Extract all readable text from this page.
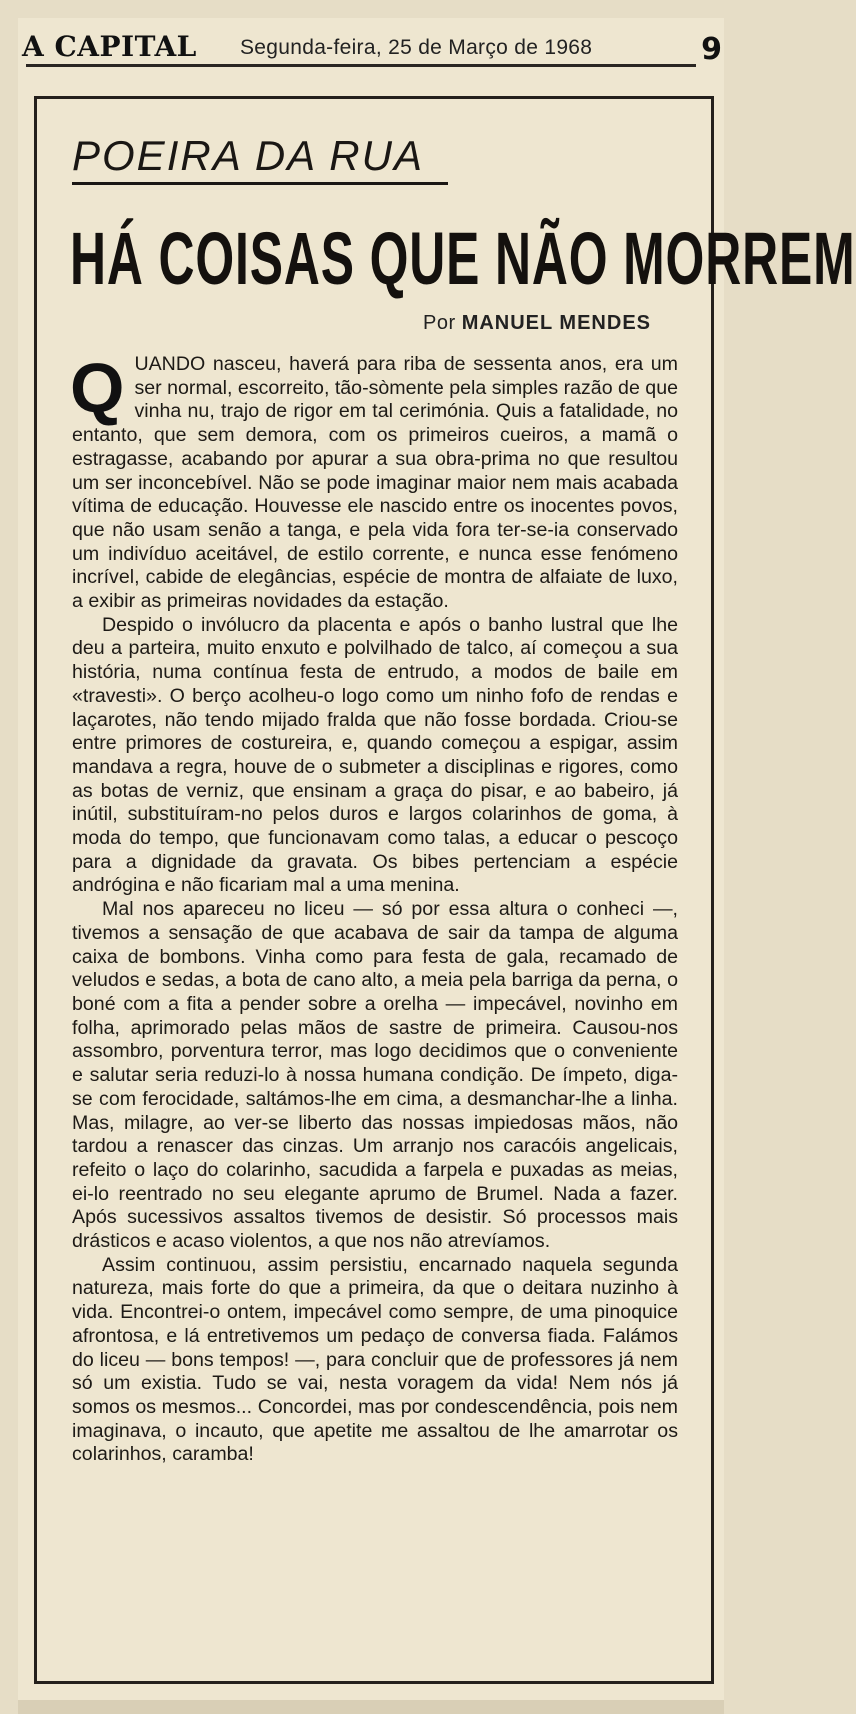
A CAPITAL Segunda-feira, 25 de Março de 1968	9
POEIRA DA RUA
HÁ COISAS QUE NÃO MORREM
Por MANUEL MENDES

QUANDO nasceu, haverá para riba de sessenta anos, era um ser normal, escorreito, tão-sòmente pela simples razão de que vinha nu, trajo de rigor em tal cerimónia. Quis a fatalidade, no entanto, que sem demora, com os primeiros cueiros, a mamã o estragasse, acabando por apurar a sua obra-prima no que resultou um ser inconcebível. Não se pode imaginar maior nem mais acabada vítima de educação. Houvesse ele nascido entre os inocentes povos, que não usam senão a tanga, e pela vida fora ter-se-ia conservado um indivíduo aceitável, de estilo corrente, e nunca esse fenómeno incrível, cabide de elegâncias, espécie de montra de alfaiate de luxo, a exibir as primeiras novidades da estação.

Despido o invólucro da placenta e após o banho lustral que lhe deu a parteira, muito enxuto e polvilhado de talco, aí começou a sua história, numa contínua festa de entrudo, a modos de baile em «travesti». O berço acolheu-o logo como um ninho fofo de rendas e laçarotes, não tendo mijado fralda que não fosse bordada. Criou-se entre primores de costureira, e, quando começou a espigar, assim mandava a regra, houve de o submeter a disciplinas e rigores, como as botas de verniz, que ensinam a graça do pisar, e ao babeiro, já inútil, substituíram-no pelos duros e largos colarinhos de goma, à moda do tempo, que funcionavam como talas, a educar o pescoço para a dignidade da gravata. Os bibes pertenciam a espécie andrógina e não ficariam mal a uma menina.

Mal nos apareceu no liceu — só por essa altura o conheci —, tivemos a sensação de que acabava de sair da tampa de alguma caixa de bombons. Vinha como para festa de gala, recamado de veludos e sedas, a bota de cano alto, a meia pela barriga da perna, o boné com a fita a pender sobre a orelha — impecável, novinho em folha, aprimorado pelas mãos de sastre de primeira. Causou-nos assombro, porventura terror, mas logo decidimos que o conveniente e salutar seria reduzi-lo à nossa humana condição. De ímpeto, diga-se com ferocidade, saltámos-lhe em cima, a desmanchar-lhe a linha. Mas, milagre, ao ver-se liberto das nossas impiedosas mãos, não tardou a renascer das cinzas. Um arranjo nos caracóis angelicais, refeito o laço do colarinho, sacudida a farpela e puxadas as meias, ei-lo reentrado no seu elegante aprumo de Brumel. Nada a fazer. Após sucessivos assaltos tivemos de desistir. Só processos mais drásticos e acaso violentos, a que nos não atrevíamos.

Assim continuou, assim persistiu, encarnado naquela segunda natureza, mais forte do que a primeira, da que o deitara nuzinho à vida. Encontrei-o ontem, impecável como sempre, de uma pinoquice afrontosa, e lá entretivemos um pedaço de conversa fiada. Falámos do liceu — bons tempos! —, para concluir que de professores já nem só um existia. Tudo se vai, nesta voragem da vida! Nem nós já somos os mesmos... Concordei, mas por condescendência, pois nem imaginava, o incauto, que apetite me assaltou de lhe amarrotar os colarinhos, caramba!
